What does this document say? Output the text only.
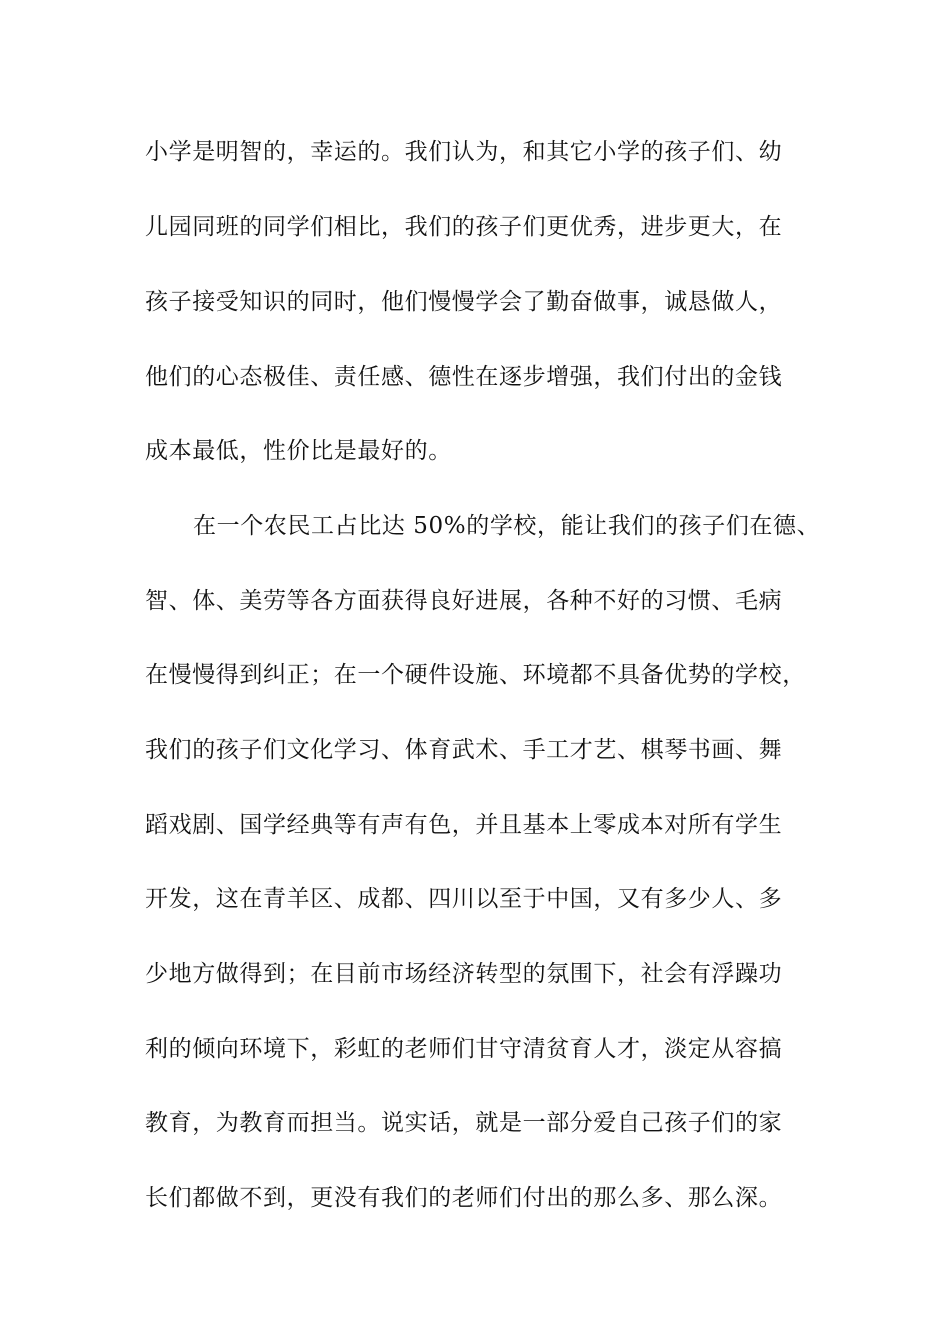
小学是明智的，幸运的。我们认为，和其它小学的孩子们、幼
儿园同班的同学们相比，我们的孩子们更优秀，进步更大，在
孩子接受知识的同时，他们慢慢学会了勤奋做事，诚恳做人，
他们的心态极佳、责任感、德性在逐步增强，我们付出的金钱
成本最低，性价比是最好的。
在一个农民工占比达 50%的学校，能让我们的孩子们在德、
智、体、美劳等各方面获得良好进展，各种不好的习惯、毛病
在慢慢得到纠正；在一个硬件设施、环境都不具备优势的学校，
我们的孩子们文化学习、体育武术、手工才艺、棋琴书画、舞
蹈戏剧、国学经典等有声有色，并且基本上零成本对所有学生
开发，这在青羊区、成都、四川以至于中国，又有多少人、多
少地方做得到；在目前市场经济转型的氛围下，社会有浮躁功
利的倾向环境下，彩虹的老师们甘守清贫育人才，淡定从容搞
教育，为教育而担当。说实话，就是一部分爱自己孩子们的家
长们都做不到，更没有我们的老师们付出的那么多、那么深。
